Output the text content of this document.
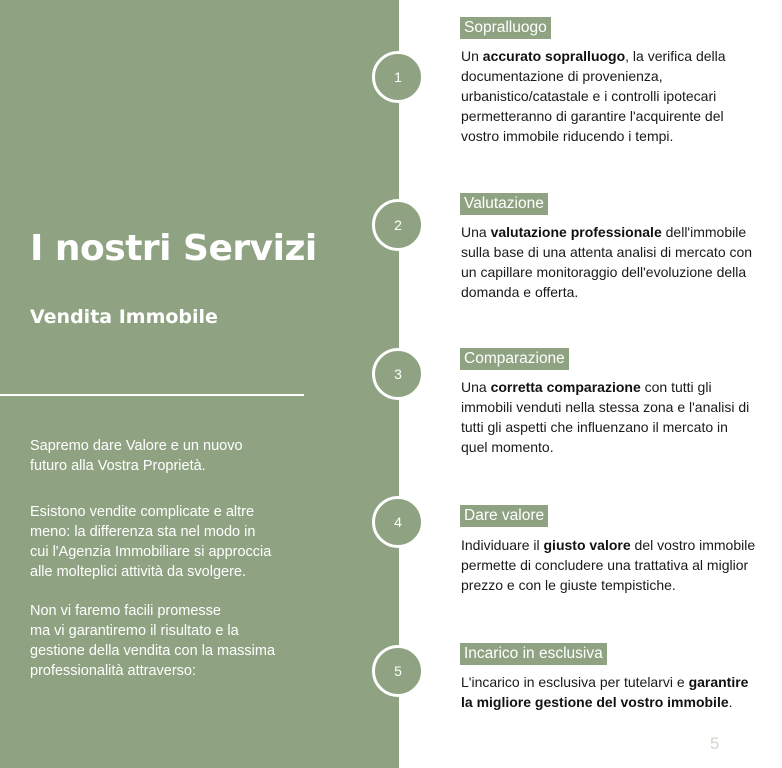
I nostri Servizi
Vendita Immobile

Sapremo dare Valore e un nuovo
futuro alla Vostra Proprietà.

Esistono vendite complicate e altre
meno: la differenza sta nel modo in
cui l'Agenzia Immobiliare si approccia
alle molteplici attività da svolgere.

Non vi faremo facili promesse
ma vi garantiremo il risultato e la
gestione della vendita con la massima
professionalità attraverso:

1
Sopralluogo
Un accurato sopralluogo, la verifica della documentazione di provenienza, urbanistico/catastale e i controlli ipotecari permetteranno di garantire l'acquirente del vostro immobile riducendo i tempi.
2
Valutazione
Una valutazione professionale dell'immobile sulla base di una attenta analisi di mercato con un capillare monitoraggio dell'evoluzione della domanda e offerta.
3
Comparazione
Una corretta comparazione con tutti gli immobili venduti nella stessa zona e l'analisi di tutti gli aspetti che influenzano il mercato in quel momento.
4	Dare valore
Individuare il giusto valore del vostro immobile permette di concludere una trattativa al miglior prezzo e con le giuste tempistiche.
5
Incarico in esclusiva
L'incarico in esclusiva per tutelarvi e garantire la migliore gestione del vostro immobile.
5
